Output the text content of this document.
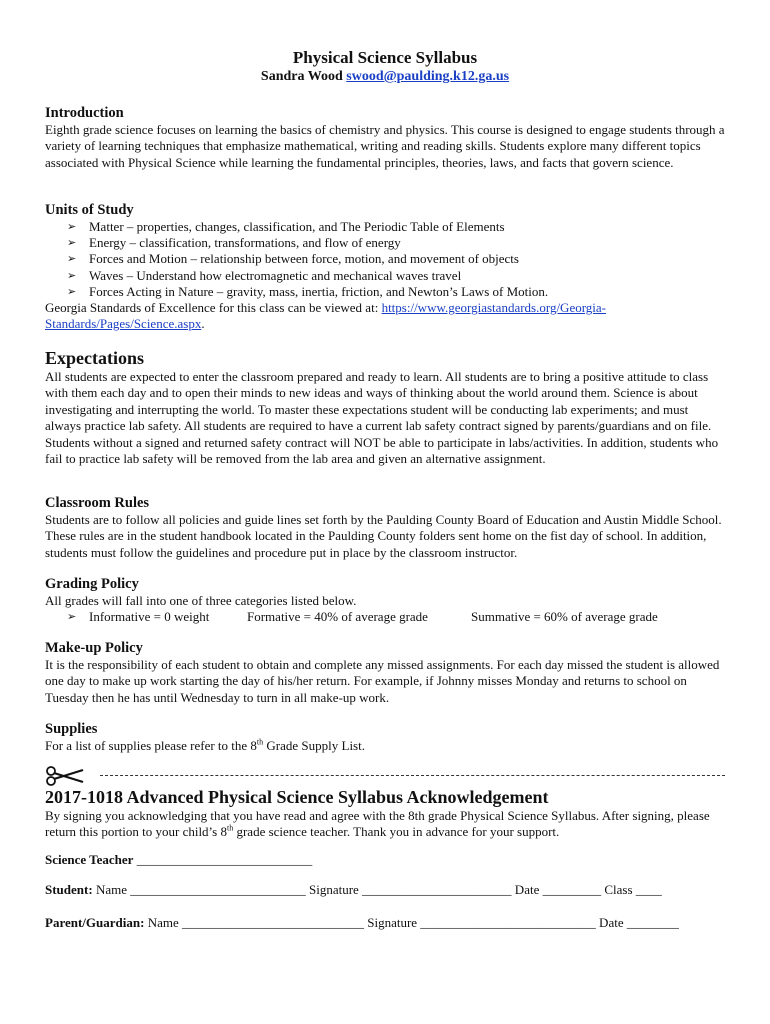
Physical Science Syllabus
Sandra Wood swood@paulding.k12.ga.us

Introduction

Eighth grade science focuses on learning the basics of chemistry and physics. This course is designed to engage students through a variety of learning techniques that emphasize mathematical, writing and reading skills. Students explore many different topics associated with Physical Science while learning the fundamental principles, theories, laws, and facts that govern science.

Units of Study

➢ Matter – properties, changes, classification, and The Periodic Table of Elements
➢ Energy – classification, transformations, and flow of energy
➢ Forces and Motion – relationship between force, motion, and movement of objects
➢ Waves – Understand how electromagnetic and mechanical waves travel
➢ Forces Acting in Nature – gravity, mass, inertia, friction, and Newton’s Laws of Motion.

Georgia Standards of Excellence for this class can be viewed at: https://www.georgiastandards.org/Georgia-
Standards/Pages/Science.aspx.

Expectations

All students are expected to enter the classroom prepared and ready to learn. All students are to bring a positive attitude to class with them each day and to open their minds to new ideas and ways of thinking about the world around them. Science is about investigating and interrupting the world. To master these expectations student will be conducting lab experiments; and must always practice lab safety. All students are required to have a current lab safety contract signed by parents/guardians and on file. Students without a signed and returned safety contract will NOT be able to participate in labs/activities. In addition, students who fail to practice lab safety will be removed from the lab area and given an alternative assignment.

Classroom Rules

Students are to follow all policies and guide lines set forth by the Paulding County Board of Education and Austin Middle School. These rules are in the student handbook located in the Paulding County folders sent home on the fist day of school. In addition, students must follow the guidelines and procedure put in place by the classroom instructor.

Grading Policy

All grades will fall into one of three categories listed below.

➢ Informative = 0 weight	Formative = 40% of average grade	Summative = 60% of average grade

Make-up Policy

It is the responsibility of each student to obtain and complete any missed assignments. For each day missed the student is allowed one day to make up work starting the day of his/her return. For example, if Johnny misses Monday and returns to school on Tuesday then he has until Wednesday to turn in all make-up work.

Supplies

For a list of supplies please refer to the 8th Grade Supply List.

2017-1018 Advanced Physical Science Syllabus Acknowledgement

By signing you acknowledging that you have read and agree with the 8th grade Physical Science Syllabus. After signing, please return this portion to your child’s 8th grade science teacher. Thank you in advance for your support.

Science Teacher ___________________________
Student: Name ___________________________ Signature _______________________ Date _________ Class ____
Parent/Guardian: Name ____________________________ Signature ___________________________ Date ________
